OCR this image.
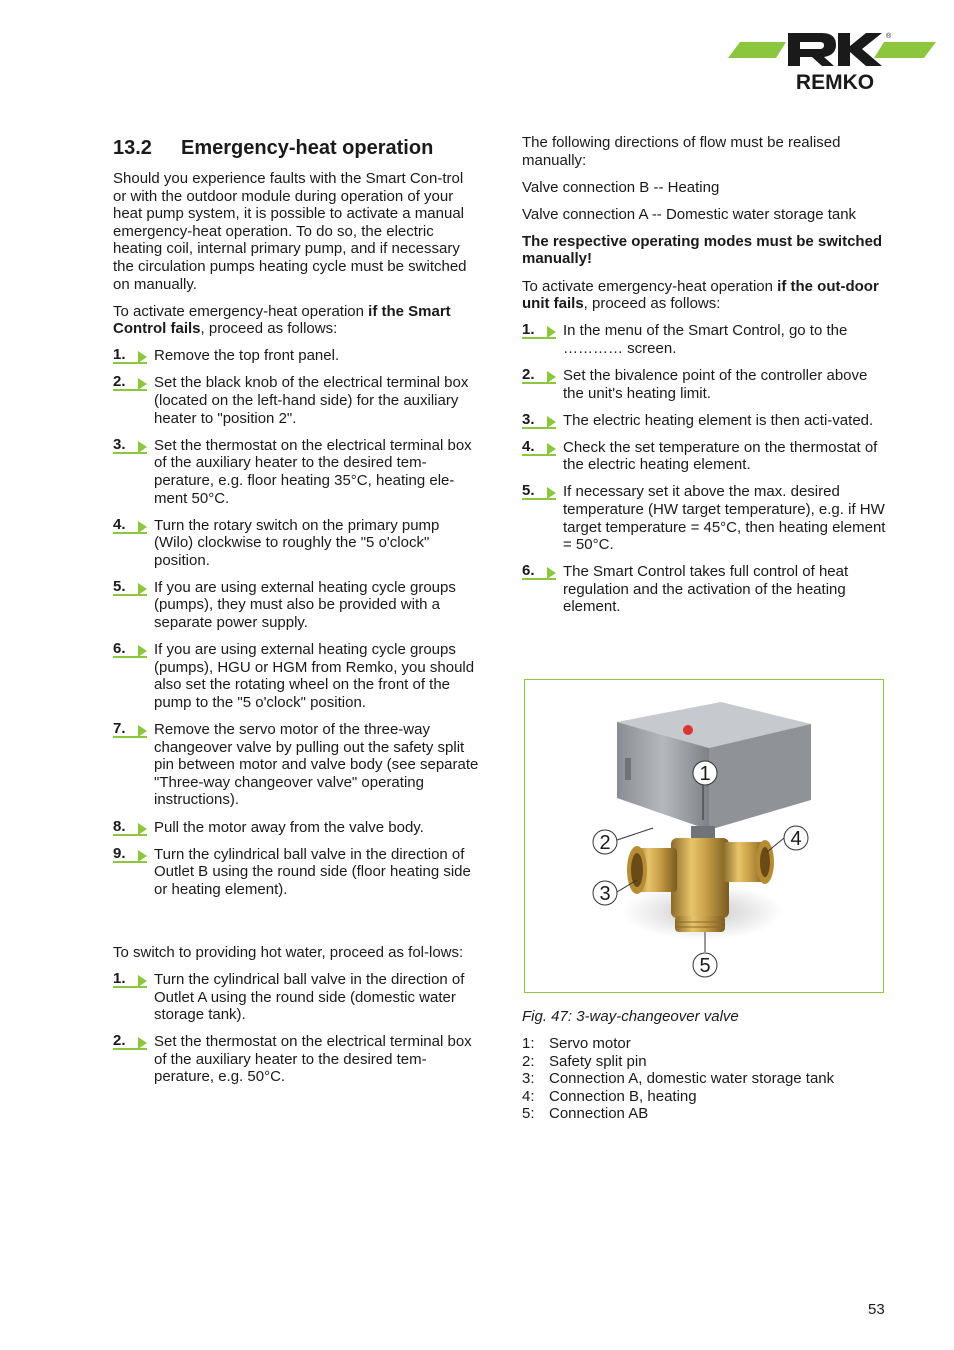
REMKO
®
13.2	Emergency-heat operation

Should you experience faults with the Smart Con-trol or with the outdoor module during operation of your heat pump system, it is possible to activate a manual emergency-heat operation. To do so, the electric heating coil, internal primary pump, and if necessary the circulation pumps heating cycle must be switched on manually.

To activate emergency-heat operation if the Smart Control fails, proceed as follows:

1.	Remove the top front panel.
2.	Set the black knob of the electrical terminal box (located on the left-hand side) for the auxiliary heater to "position 2".
3.	Set the thermostat on the electrical terminal box of the auxiliary heater to the desired tem-perature, e.g. floor heating 35°C, heating ele-ment 50°C.
4.	Turn the rotary switch on the primary pump (Wilo) clockwise to roughly the "5 o'clock" position.
5.	If you are using external heating cycle groups (pumps), they must also be provided with a separate power supply.
6.	If you are using external heating cycle groups (pumps), HGU or HGM from Remko, you should also set the rotating wheel on the front of the pump to the "5 o'clock" position.
7.	Remove the servo motor of the three-way changeover valve by pulling out the safety split pin between motor and valve body (see separate "Three-way changeover valve" operating instructions).
8.	Pull the motor away from the valve body.
9.	Turn the cylindrical ball valve in the direction of Outlet B using the round side (floor heating side or heating element).

To switch to providing hot water, proceed as fol-lows:

1.	Turn the cylindrical ball valve in the direction of Outlet A using the round side (domestic water storage tank).
2.	Set the thermostat on the electrical terminal box of the auxiliary heater to the desired tem-perature, e.g. 50°C.

The following directions of flow must be realised manually:

Valve connection B -- Heating

Valve connection A -- Domestic water storage tank

The respective operating modes must be switched manually!

To activate emergency-heat operation if the out-door unit fails, proceed as follows:

1.	In the menu of the Smart Control, go to the ………… screen.
2.	Set the bivalence point of the controller above the unit's heating limit.
3.	The electric heating element is then acti-vated.
4.	Check the set temperature on the thermostat of the electric heating element.
5.	If necessary set it above the max. desired temperature (HW target temperature), e.g. if HW target temperature = 45°C, then heating element = 50°C.
6.	The Smart Control takes full control of heat regulation and the activation of the heating element.
1
2
3
4
5
Fig. 47: 3-way-changeover valve
1: Servo motor
2: Safety split pin
3: Connection A, domestic water storage tank
4: Connection B, heating
5: Connection AB
53
